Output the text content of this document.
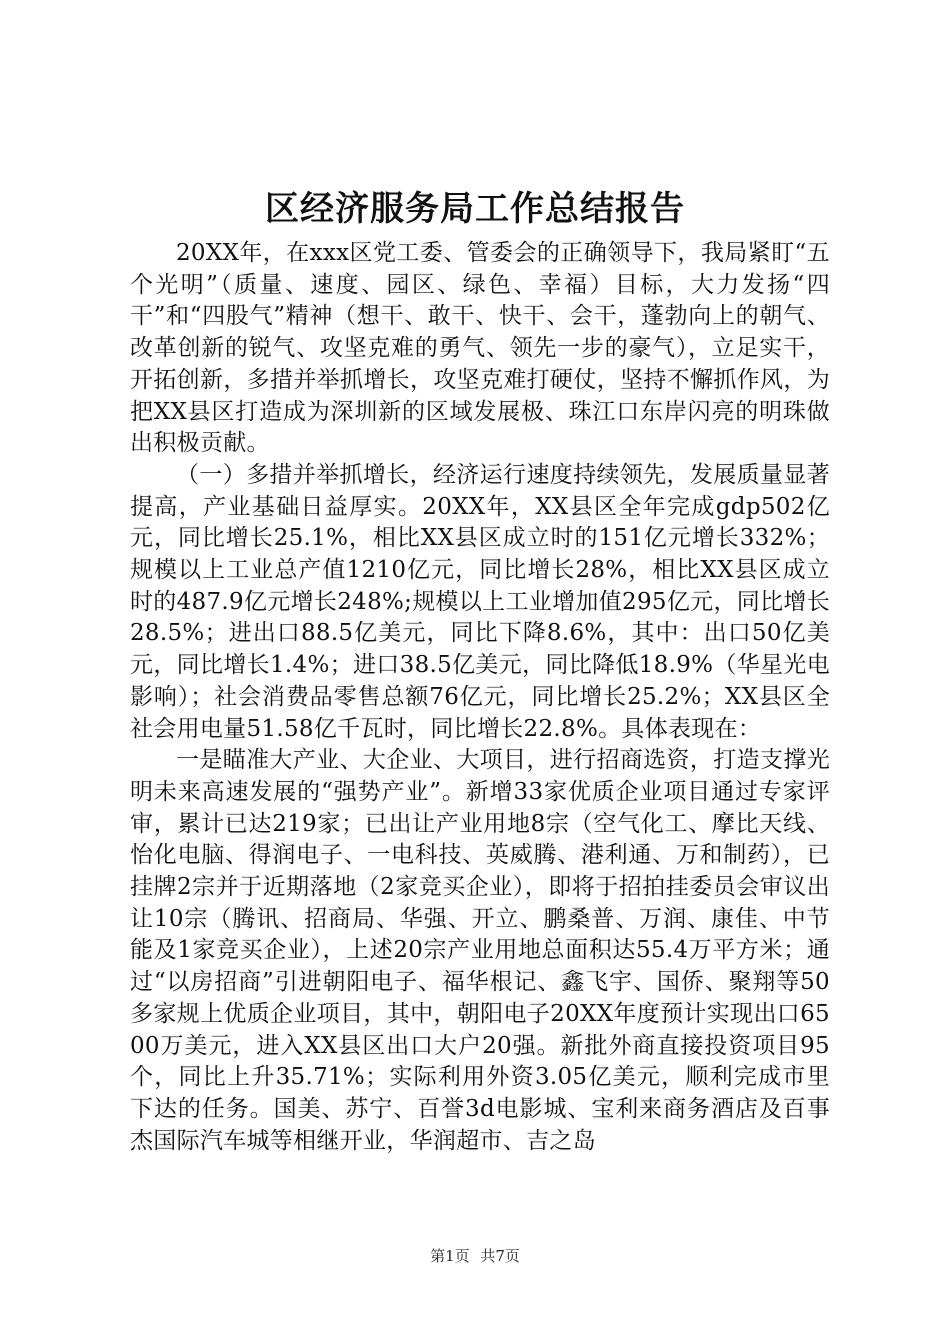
区经济服务局工作总结报告

20XX年，在xxx区党工委、管委会的正确领导下，我局紧盯“五个光明”（质量、速度、园区、绿色、幸福）目标，大力发扬“四干”和“四股气”精神（想干、敢干、快干、会干，蓬勃向上的朝气、改革创新的锐气、攻坚克难的勇气、领先一步的豪气），立足实干，开拓创新，多措并举抓增长，攻坚克难打硬仗，坚持不懈抓作风，为把XX县区打造成为深圳新的区域发展极、珠江口东岸闪亮的明珠做出积极贡献。

（一）多措并举抓增长，经济运行速度持续领先，发展质量显著提高，产业基础日益厚实。20XX年，XX县区全年完成gdp502亿元，同比增长25.1%，相比XX县区成立时的151亿元增长332%；规模以上工业总产值1210亿元，同比增长28%，相比XX县区成立时的487.9亿元增长248%;规模以上工业增加值295亿元，同比增长28.5%；进出口88.5亿美元，同比下降8.6%，其中：出口50亿美元，同比增长1.4%；进口38.5亿美元，同比降低18.9%（华星光电影响）；社会消费品零售总额76亿元，同比增长25.2%；XX县区全社会用电量51.58亿千瓦时，同比增长22.8%。具体表现在：

一是瞄准大产业、大企业、大项目，进行招商选资，打造支撑光明未来高速发展的“强势产业”。新增33家优质企业项目通过专家评审，累计已达219家；已出让产业用地8宗（空气化工、摩比天线、怡化电脑、得润电子、一电科技、英威腾、港利通、万和制药），已挂牌2宗并于近期落地（2家竞买企业），即将于招拍挂委员会审议出让10宗（腾讯、招商局、华强、开立、鹏桑普、万润、康佳、中节能及1家竞买企业），上述20宗产业用地总面积达55.4万平方米；通过“以房招商”引进朝阳电子、福华根记、鑫飞宇、国侨、聚翔等50多家规上优质企业项目，其中，朝阳电子20XX年度预计实现出口6500万美元，进入XX县区出口大户20强。新批外商直接投资项目95个，同比上升35.71%；实际利用外资3.05亿美元，顺利完成市里下达的任务。国美、苏宁、百誉3d电影城、宝利来商务酒店及百事杰国际汽车城等相继开业，华润超市、吉之岛

第1页 共7页
